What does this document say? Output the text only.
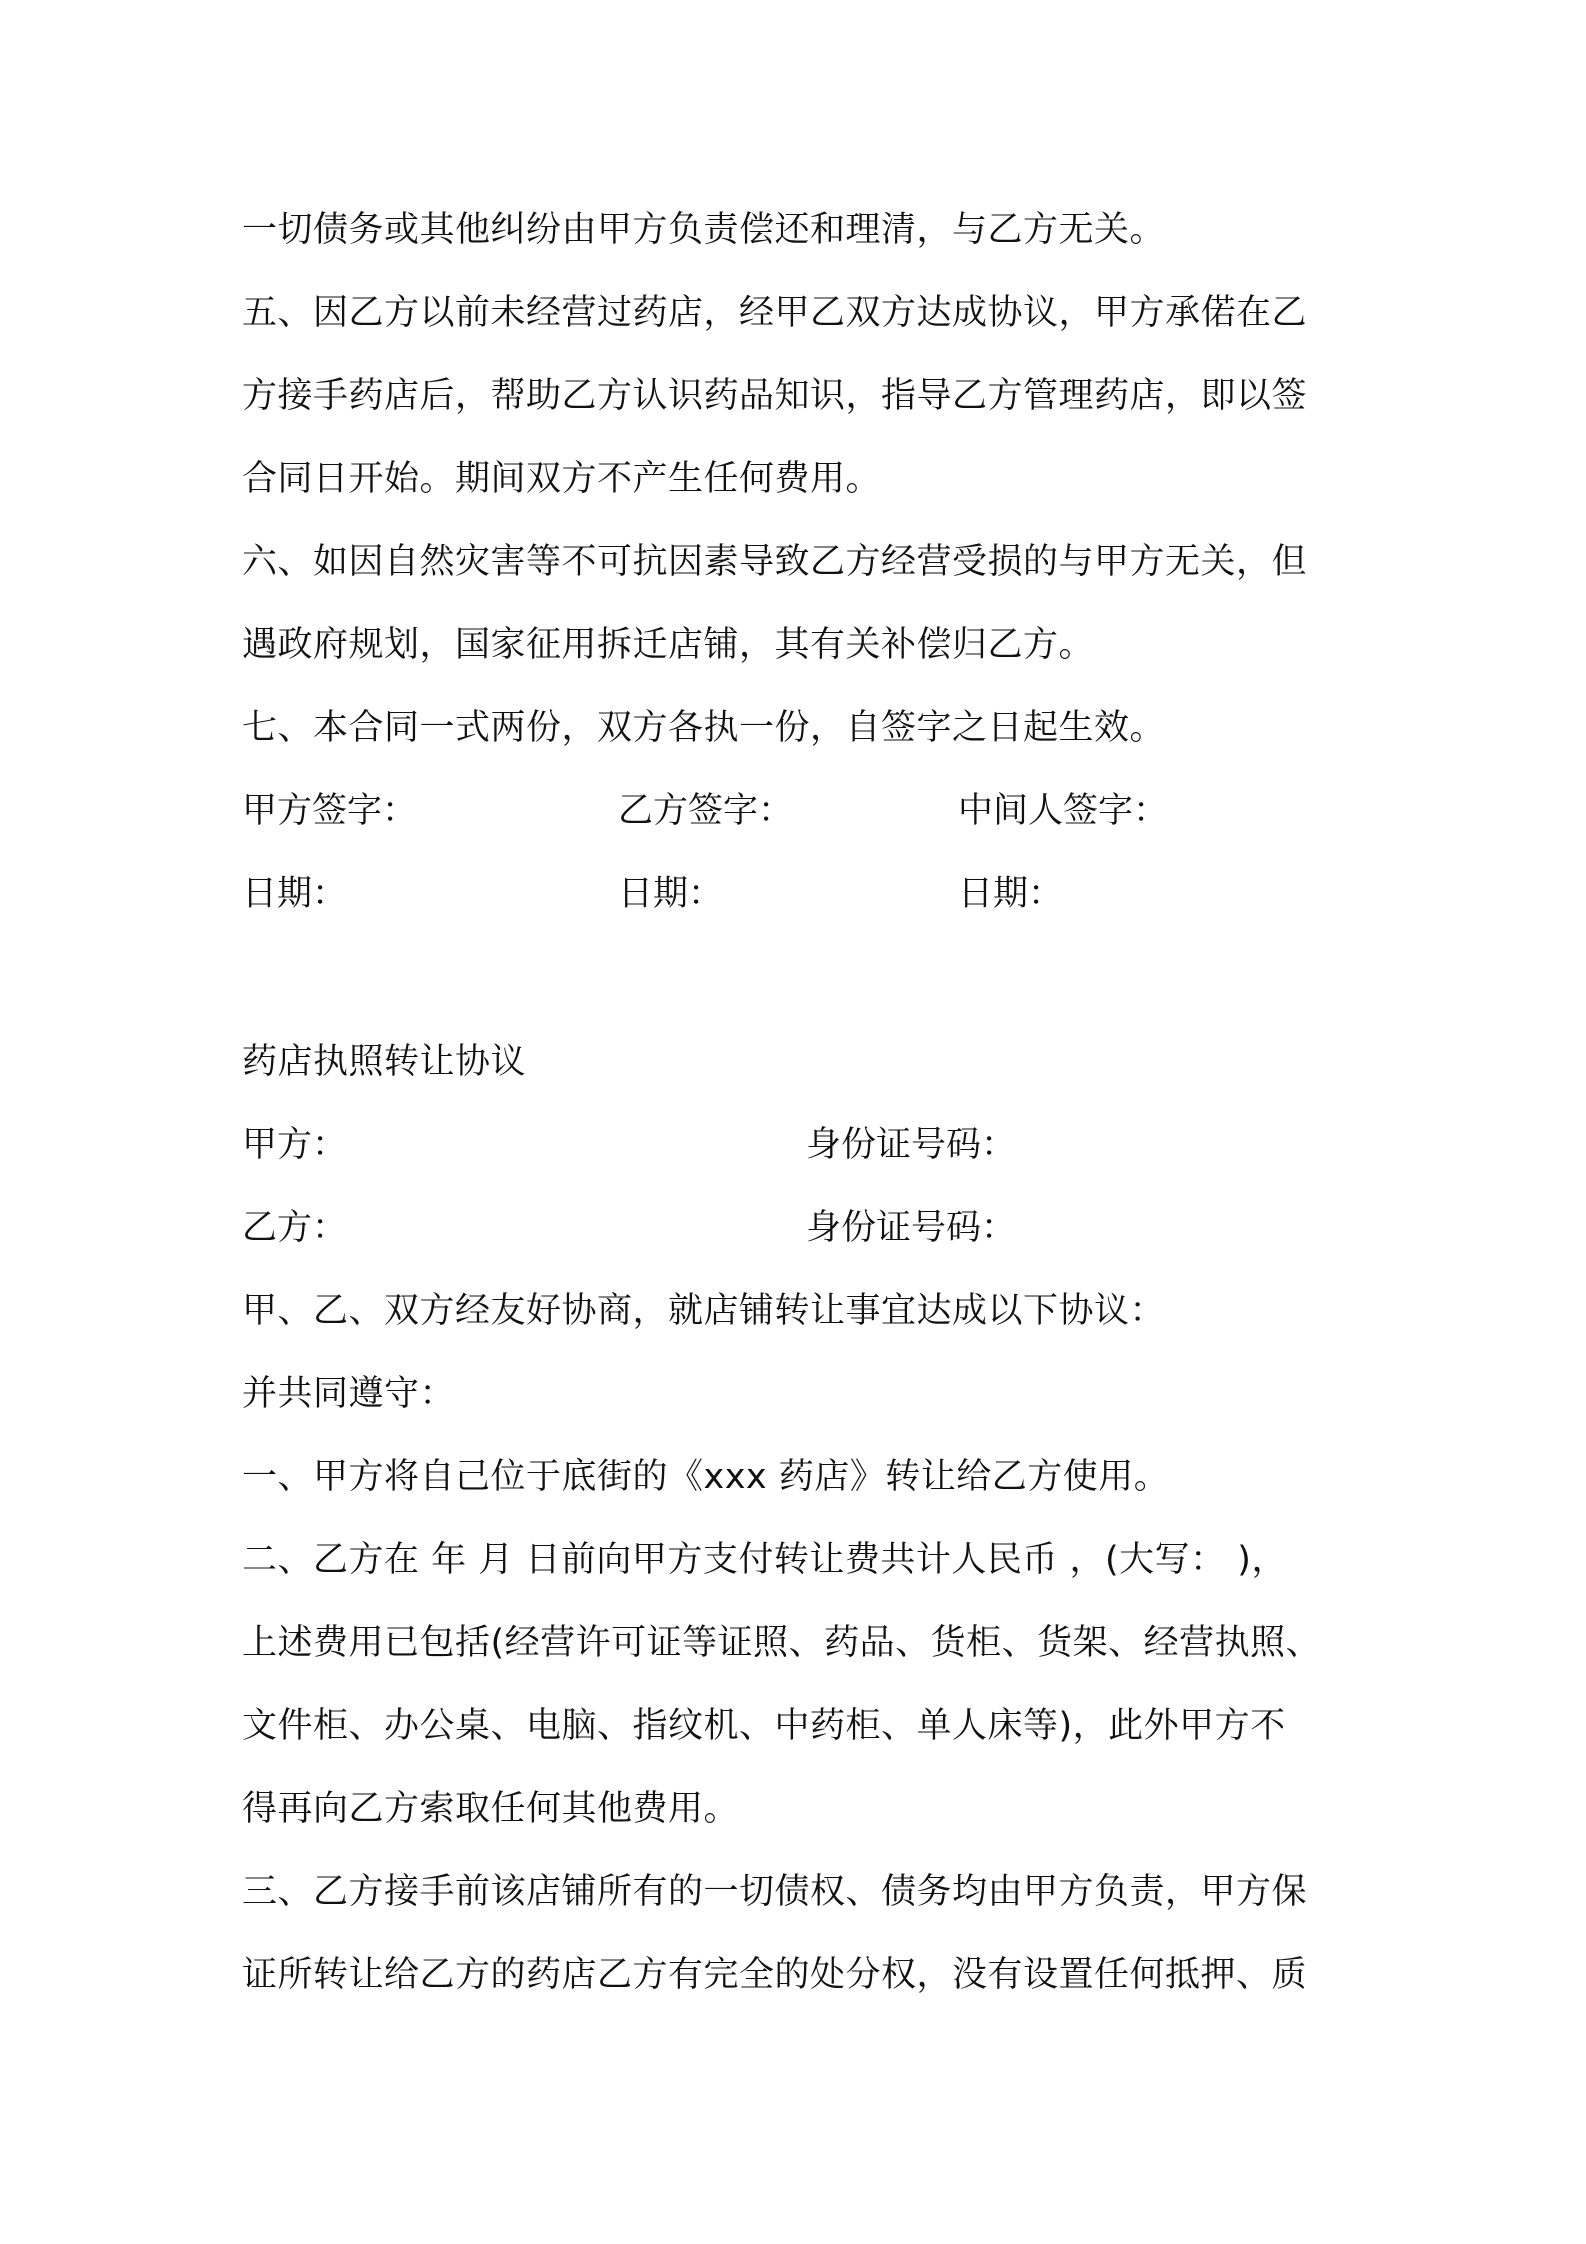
一切债务或其他纠纷由甲方负责偿还和理清，与乙方无关。
五、因乙方以前未经营过药店，经甲乙双方达成协议，甲方承偌在乙
方接手药店后，帮助乙方认识药品知识，指导乙方管理药店，即以签
合同日开始。期间双方不产生任何费用。
六、如因自然灾害等不可抗因素导致乙方经营受损的与甲方无关，但
遇政府规划，国家征用拆迁店铺，其有关补偿归乙方。
七、本合同一式两份，双方各执一份，自签字之日起生效。
甲方签字：	乙方签字：	中间人签字：
日期：	日期：	日期：
药店执照转让协议
甲方：	身份证号码：
乙方：	身份证号码：
甲、乙、双方经友好协商，就店铺转让事宜达成以下协议：
并共同遵守：
一、甲方将自己位于底街的《xxx 药店》转让给乙方使用。
二、乙方在 年 月 日前向甲方支付转让费共计人民币 ，(大写： )，
上述费用已包括(经营许可证等证照、药品、货柜、货架、经营执照、
文件柜、办公桌、电脑、指纹机、中药柜、单人床等)，此外甲方不
得再向乙方索取任何其他费用。
三、乙方接手前该店铺所有的一切债权、债务均由甲方负责，甲方保
证所转让给乙方的药店乙方有完全的处分权，没有设置任何抵押、质
